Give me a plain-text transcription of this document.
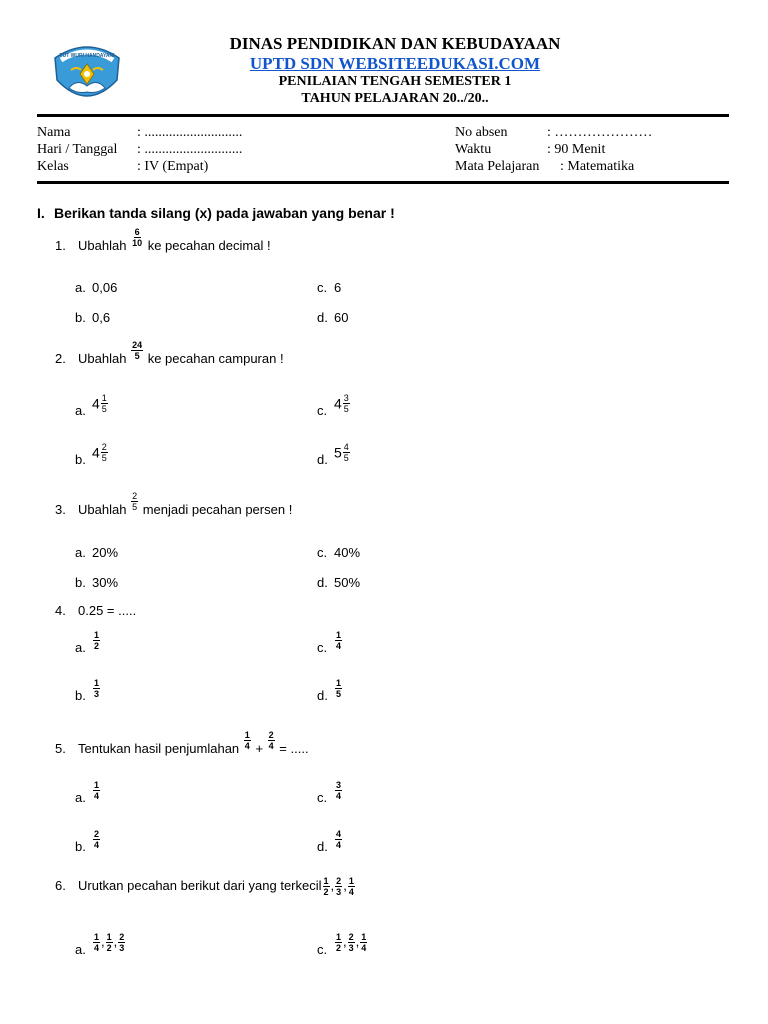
TUT WURI HANDAYANI
DINAS PENDIDIKAN DAN KEBUDAYAAN
UPTD SDN WEBSITEEDUKASI.COM
PENILAIAN TENGAH SEMESTER 1
TAHUN PELAJARAN 20../20..
Nama	: ............................
Hari / Tanggal : ............................
Kelas	: IV (Empat)
No absen	: …………………
Waktu	: 90 Menit
Mata Pelajaran : Matematika
I. Berikan tanda silang (x) pada jawaban yang benar !
1. Ubahlah $\frac{6}{10}$ ke pecahan decimal !
a. 0,06	c. 6
b. 0,6	d. 60
2. Ubahlah $\frac{24}{5}$ ke pecahan campuran !
a. $4 \frac{1}{5}$	c. $4 \frac{3}{5}$
b. $4 \frac{2}{5}$	d. $5 \frac{4}{5}$
3. Ubahlah $\frac{2}{5}$ menjadi pecahan persen !
a. 20%	c. 40%
b. 30%	d. 50%
4. 0.25 = .....
a. $\frac{1}{2}$	c. $\frac{1}{4}$
b. $\frac{1}{3}$	d. $\frac{1}{5}$
5. Tentukan hasil penjumlahan $\frac{1}{4} + \frac{2}{4}$ = .....
a. $\frac{1}{4}$	c. $\frac{3}{4}$
b. $\frac{2}{4}$	d. $\frac{4}{4}$
6. Urutkan pecahan berikut dari yang terkecil $\frac{1}{2}$ , $\frac{2}{3}$ , $\frac{1}{4}$
a. $\frac{1}{4}$ , $\frac{1}{2}$ , $\frac{2}{3}$	c. $\frac{1}{2}$ , $\frac{2}{3}$ , $\frac{1}{4}$
